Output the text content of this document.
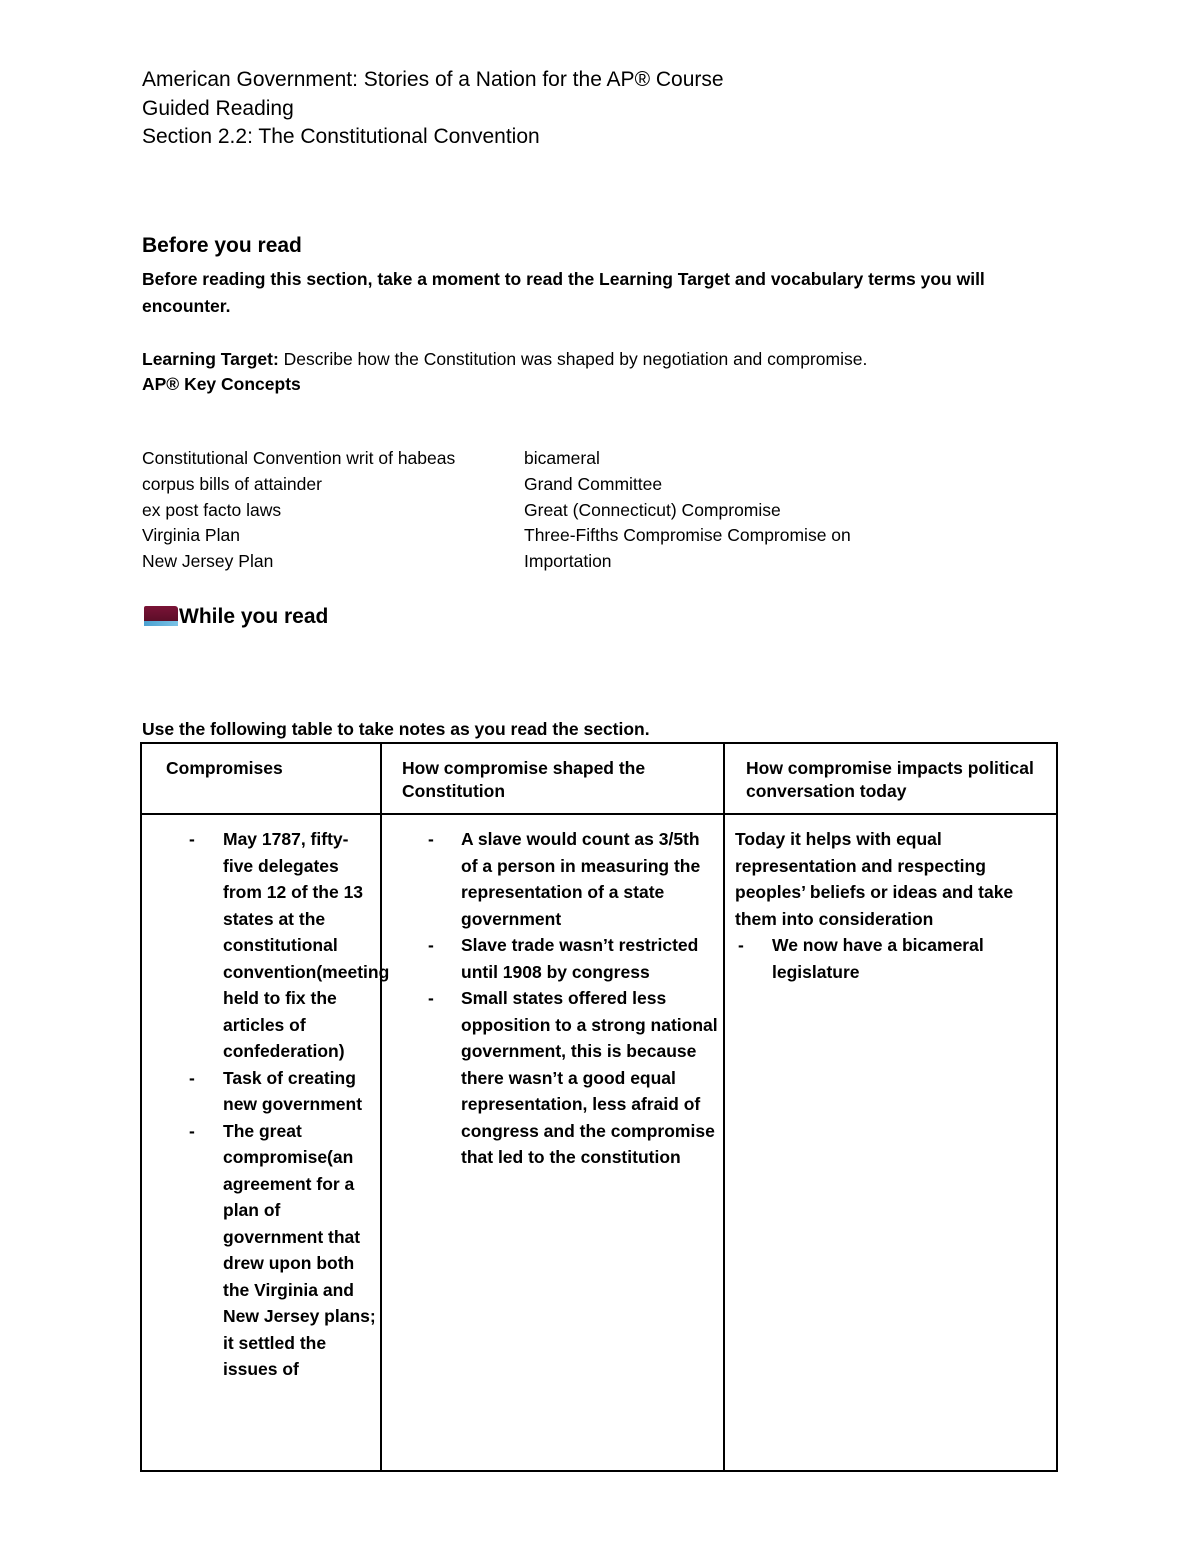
American Government: Stories of a Nation for the AP® Course
Guided Reading
Section 2.2: The Constitutional Convention
Before you read
Before reading this section, take a moment to read the Learning Target and vocabulary terms you will encounter.
Learning Target: Describe how the Constitution was shaped by negotiation and compromise. AP® Key Concepts
Constitutional Convention writ of habeas
corpus bills of attainder
ex post facto laws
Virginia Plan
New Jersey Plan
bicameral
Grand Committee
Great (Connecticut) Compromise
Three-Fifths Compromise Compromise on
Importation
While you read
Use the following table to take notes as you read the section.
Compromises	How compromise shaped the Constitution
How compromise impacts political conversation today
- May 1787, fifty-five delegates from 12 of the 13 states at the constitutional convention(meeting held to fix the articles of confederation)
- Task of creating new government
- The great compromise(an agreement for a plan of government that drew upon both the Virginia and New Jersey plans; it settled the issues of
- A slave would count as 3/5th of a person in measuring the representation of a state government
- Slave trade wasn’t restricted until 1908 by congress
- Small states offered less opposition to a strong national government, this is because there wasn’t a good equal representation, less afraid of congress and the compromise that led to the constitution
Today it helps with equal representation and respecting peoples’ beliefs or ideas and take them into consideration
- We now have a bicameral legislature
